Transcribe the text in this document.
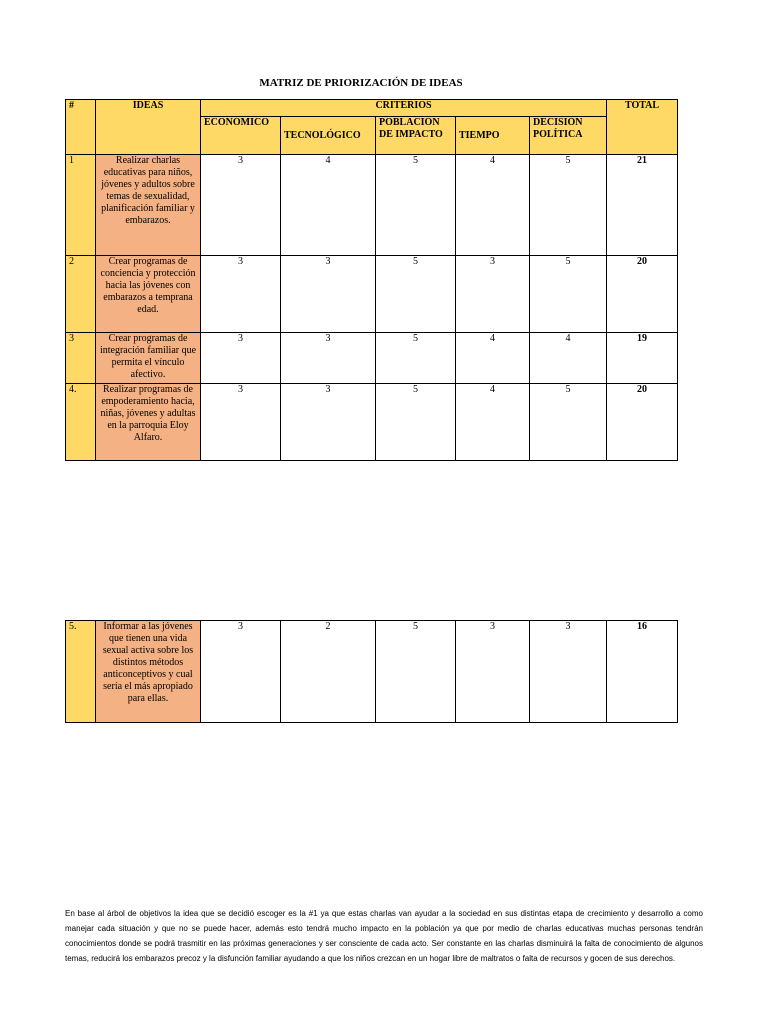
MATRIZ DE PRIORIZACIÓN DE IDEAS
#	IDEAS	CRITERIOS					TOTAL
		ECONÓMICO	TECNOLÓGICO	POBLACIÓN DE IMPACTO	TIEMPO	DECISIÓN POLÍTICA	
1	Realizar charlas educativas para niños, jóvenes y adultos sobre temas de sexualidad, planificación familiar y embarazos.	3	4	5	4	5	21
2	Crear programas de conciencia y protección hacia las jóvenes con embarazos a temprana edad.	3	3	5	3	5	20
3	Crear programas de integración familiar que permita el vínculo afectivo.	3	3	5	4	4	19
4.	Realizar programas de empoderamiento hacia, niñas, jóvenes y adultas en la parroquia Eloy Alfaro.	3	3	5	4	5	20
5.	Informar a las jóvenes que tienen una vida sexual activa sobre los distintos métodos anticonceptivos y cual sería el más apropiado para ellas.	3	2	5	3	3	16

En base al árbol de objetivos la idea que se decidió escoger es la #1 ya que estas charlas van ayudar a la sociedad en sus distintas etapa de crecimiento y desarrollo a como manejar cada situación y que no se puede hacer, además esto tendrá mucho impacto en la población ya que por medio de charlas educativas muchas personas tendrán conocimientos donde se podrá trasmitir en las próximas generaciones y ser consciente de cada acto. Ser constante en las charlas disminuirá la falta de conocimiento de algunos temas, reducirá los embarazos precoz y la disfunción familiar ayudando a que los niños crezcan en un hogar libre de maltratos o falta de recursos y gocen de sus derechos.
